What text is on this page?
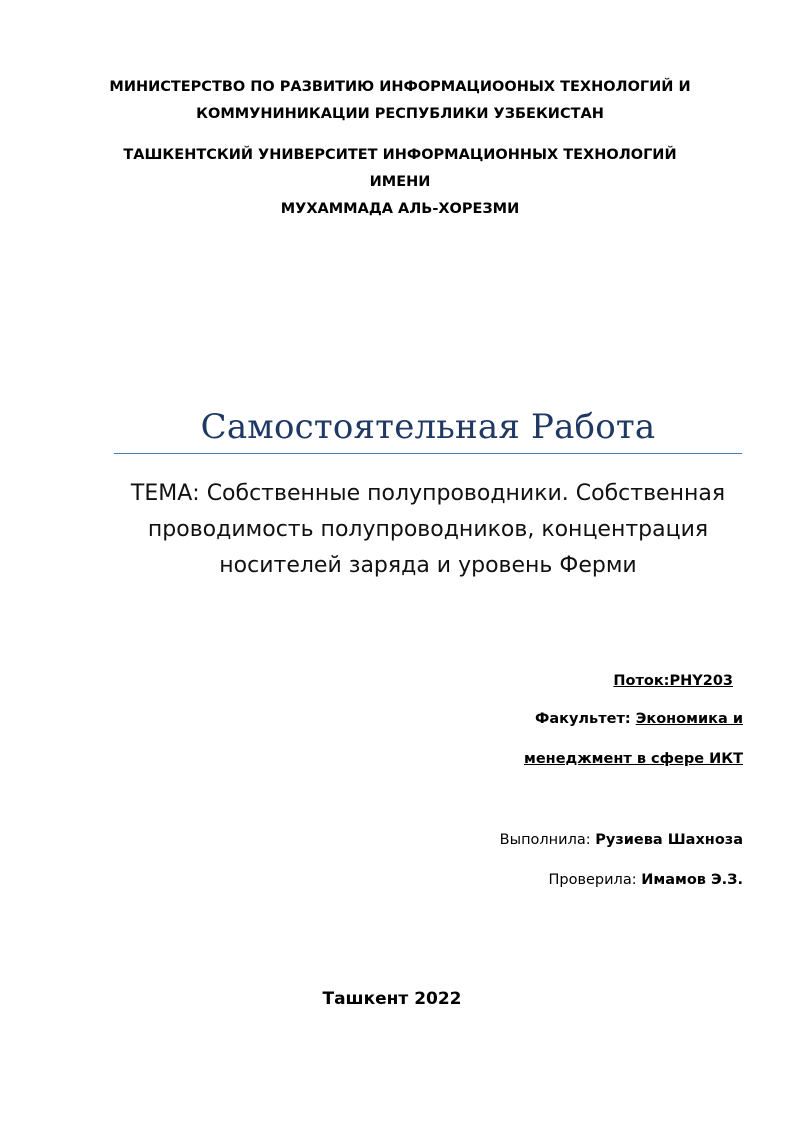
МИНИСТЕРСТВО ПО РАЗВИТИЮ ИНФОРМАЦИООНЫХ ТЕХНОЛОГИЙ И
КОММУНИНИКАЦИИ РЕСПУБЛИКИ УЗБЕКИСТАН
ТАШКЕНТСКИЙ УНИВЕРСИТЕТ ИНФОРМАЦИОННЫХ ТЕХНОЛОГИЙ ИМЕНИ
МУХАММАДА АЛЬ-ХОРЕЗМИ
Самостоятельная Работа
ТЕМА: Собственные полупроводники. Собственная
проводимость полупроводников, концентрация
носителей заряда и уровень Ферми
Поток:PHY203
Факультет: Экономика и
менеджмент в сфере ИКТ
Выполнила: Рузиева Шахноза
Проверила: Имамов Э.З.
Ташкент 2022
